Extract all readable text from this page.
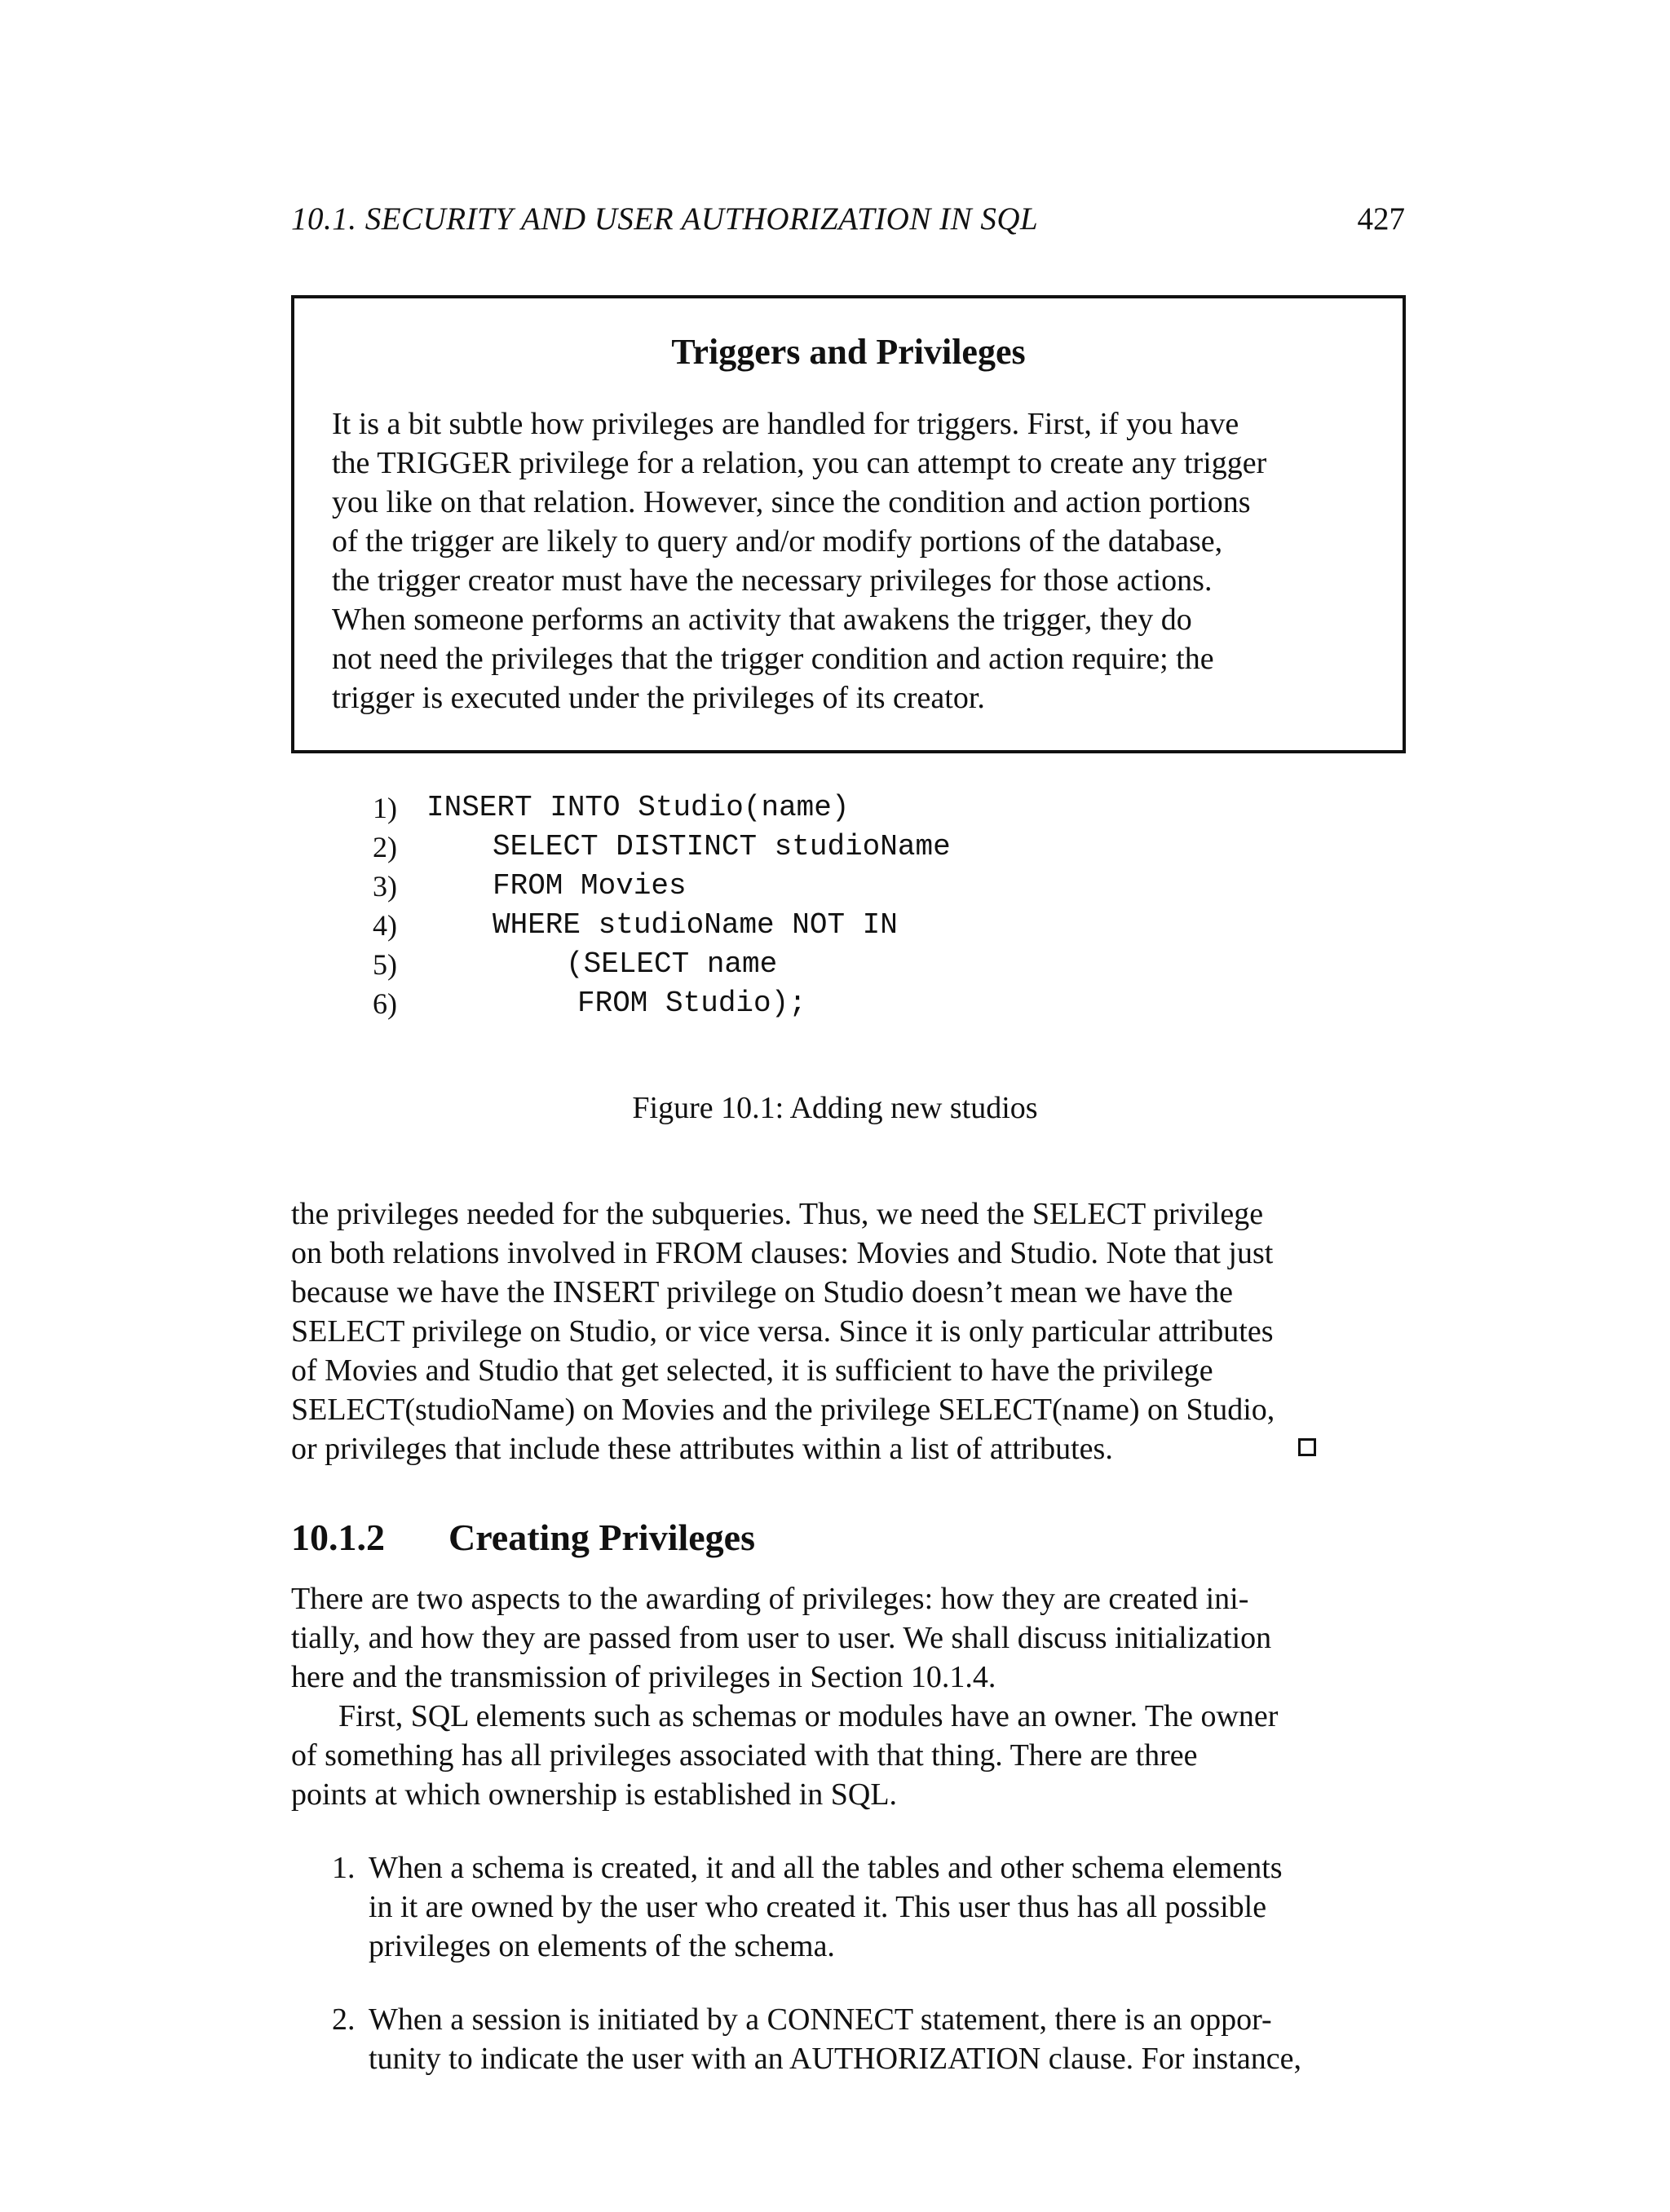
10.1. SECURITY AND USER AUTHORIZATION IN SQL	427
Triggers and Privileges
It is a bit subtle how privileges are handled for triggers. First, if you have
the TRIGGER privilege for a relation, you can attempt to create any trigger
you like on that relation. However, since the condition and action portions
of the trigger are likely to query and/or modify portions of the database,
the trigger creator must have the necessary privileges for those actions.
When someone performs an activity that awakens the trigger, they do
not need the privileges that the trigger condition and action require; the
trigger is executed under the privileges of its creator.
1)
2)
3)
4)
5)
6)
INSERT INTO Studio(name)
SELECT DISTINCT studioName
FROM Movies
WHERE studioName NOT IN
(SELECT name
FROM Studio);
Figure 10.1: Adding new studios
the privileges needed for the subqueries. Thus, we need the SELECT privilege
on both relations involved in FROM clauses: Movies and Studio. Note that just
because we have the INSERT privilege on Studio doesn’t mean we have the
SELECT privilege on Studio, or vice versa. Since it is only particular attributes
of Movies and Studio that get selected, it is sufficient to have the privilege
SELECT(studioName) on Movies and the privilege SELECT(name) on Studio,
or privileges that include these attributes within a list of attributes.
10.1.2 Creating Privileges
There are two aspects to the awarding of privileges: how they are created ini-
tially, and how they are passed from user to user. We shall discuss initialization
here and the transmission of privileges in Section 10.1.4.
First, SQL elements such as schemas or modules have an owner. The owner
of something has all privileges associated with that thing. There are three
points at which ownership is established in SQL.
1. When a schema is created, it and all the tables and other schema elements
in it are owned by the user who created it. This user thus has all possible
privileges on elements of the schema.
2. When a session is initiated by a CONNECT statement, there is an oppor-
tunity to indicate the user with an AUTHORIZATION clause. For instance,
